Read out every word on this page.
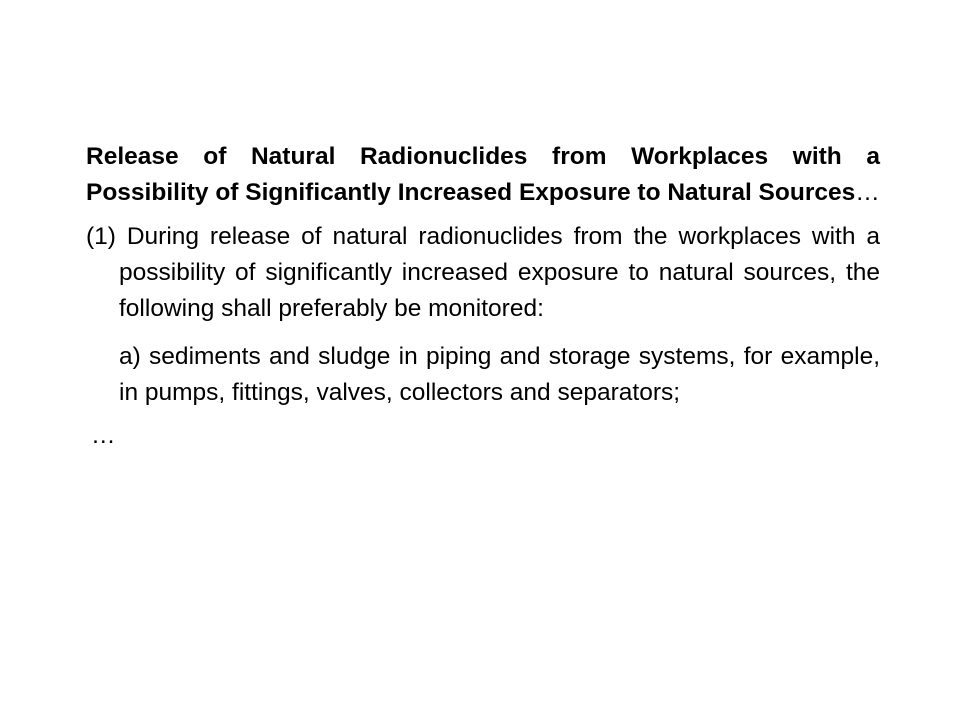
Release of Natural Radionuclides from Workplaces with a Possibility of Significantly Increased Exposure to Natural Sources…

(1) During release of natural radionuclides from the workplaces with a possibility of significantly increased exposure to natural sources, the following shall preferably be monitored:

a) sediments and sludge in piping and storage systems, for example, in pumps, fittings, valves, collectors and separators;

…
